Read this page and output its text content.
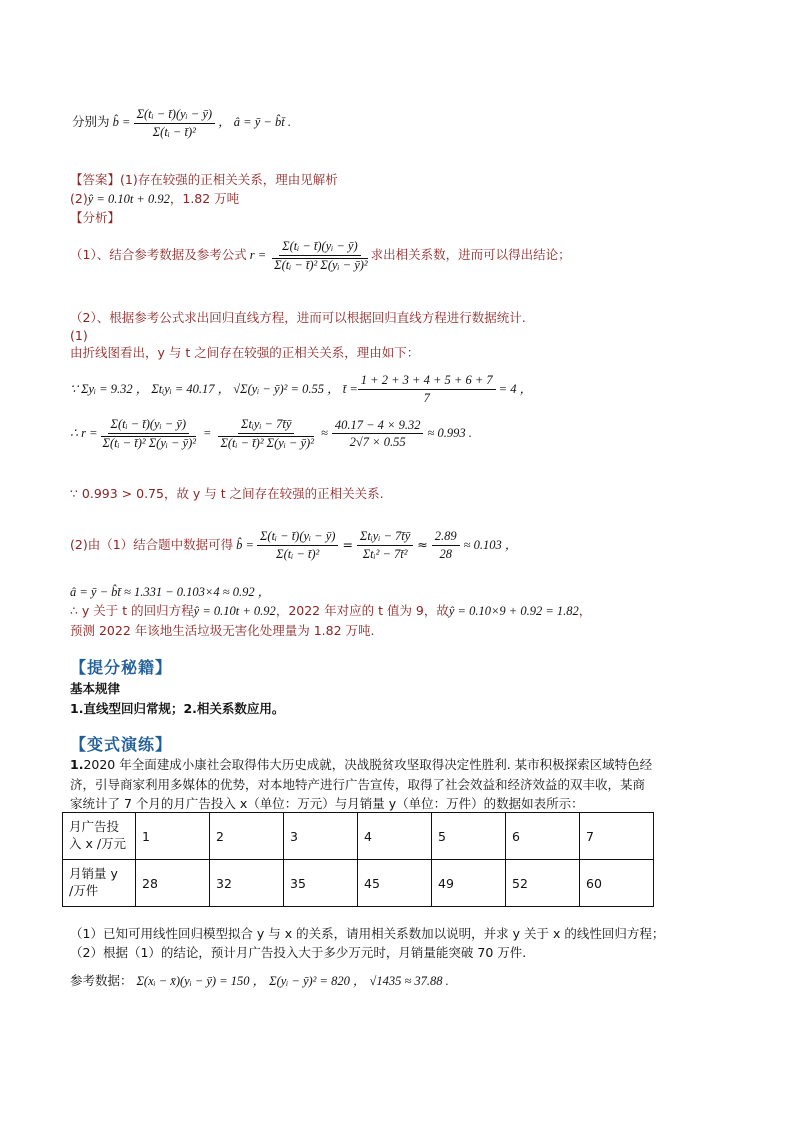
分别为 b̂ = $\frac{\text{Σ(tᵢ − t̄)(yᵢ − ȳ)}}{\text{Σ(tᵢ − t̄)²}}$ ， â = ȳ − b̂t̄ .
【答案】(1)存在较强的正相关关系，理由见解析
(2)ŷ = 0.10t + 0.92，1.82 万吨
【分析】
（1）、结合参考数据及参考公式 $r = \frac{\text{Σ(tᵢ − t̄)(yᵢ − ȳ)}}{\text{Σ(tᵢ − t̄)² Σ(yᵢ − ȳ)²}}$ 求出相关系数，进而可以得出结论；
（2）、根据参考公式求出回归直线方程，进而可以根据回归直线方程进行数据统计.
(1)
由折线图看出，y 与 t 之间存在较强的正相关关系，理由如下：
∵ Σyᵢ = 9.32 ， Σtᵢyᵢ = 40.17 ， √Σ(yᵢ − ȳ)² = 0.55 ， t̄ = $\frac{1 + 2 + 3 + 4 + 5 + 6 + 7}{7} = 4$ ，
∴ $r = \frac{\text{Σ(tᵢ − t̄)(yᵢ − ȳ)}}{\text{Σ(tᵢ − t̄)² Σ(yᵢ − ȳ)²}} = \frac{\text{Σtᵢyᵢ − 7t̄ȳ}}{\text{Σ(tᵢ − t̄)² Σ(yᵢ − ȳ)²}} \approx \frac{40.17 - 4 \times 9.32}{2√7 \times 0.55} \approx 0.993$ .
∵ 0.993 > 0.75，故 y 与 t 之间存在较强的正相关关系.
(2)由（1）结合题中数据可得 b̂ = $\frac{\text{Σ(tᵢ − t̄)(yᵢ − ȳ)}}{\text{Σ(tᵢ − t̄)²}} = \frac{\text{Σtᵢyᵢ − 7t̄ȳ}}{\text{Σtᵢ² − 7t̄²}} \approx \frac{2.89}{28} \approx 0.103$ ，
â = ȳ − b̂t̄ ≈ 1.331 − 0.103×4 ≈ 0.92 ，
∴ y 关于 t 的回归方程ŷ = 0.10t + 0.92，2022 年对应的 t 值为 9，故ŷ = 0.10×9 + 0.92 = 1.82，
预测 2022 年该地生活垃圾无害化处理量为 1.82 万吨.
【提分秘籍】
基本规律
1.直线型回归常规；2.相关系数应用。
【变式演练】
1.2020 年全面建成小康社会取得伟大历史成就，决战脱贫攻坚取得决定性胜利. 某市积极探索区域特色经
济，引导商家利用多媒体的优势，对本地特产进行广告宣传，取得了社会效益和经济效益的双丰收，某商
家统计了 7 个月的月广告投入 x（单位：万元）与月销量 y（单位：万件）的数据如表所示：
月广告投
入 x /万元	1	2	3	4	5	6	7
月销量 y
/万件	28	32	35	45	49	52	60
（1）已知可用线性回归模型拟合 y 与 x 的关系，请用相关系数加以说明，并求 y 关于 x 的线性回归方程；
（2）根据（1）的结论，预计月广告投入大于多少万元时，月销量能突破 70 万件.
参考数据： Σ(xᵢ − x̄)(yᵢ − ȳ) = 150 ， Σ(yᵢ − ȳ)² = 820 ， √1435 ≈ 37.88 .
